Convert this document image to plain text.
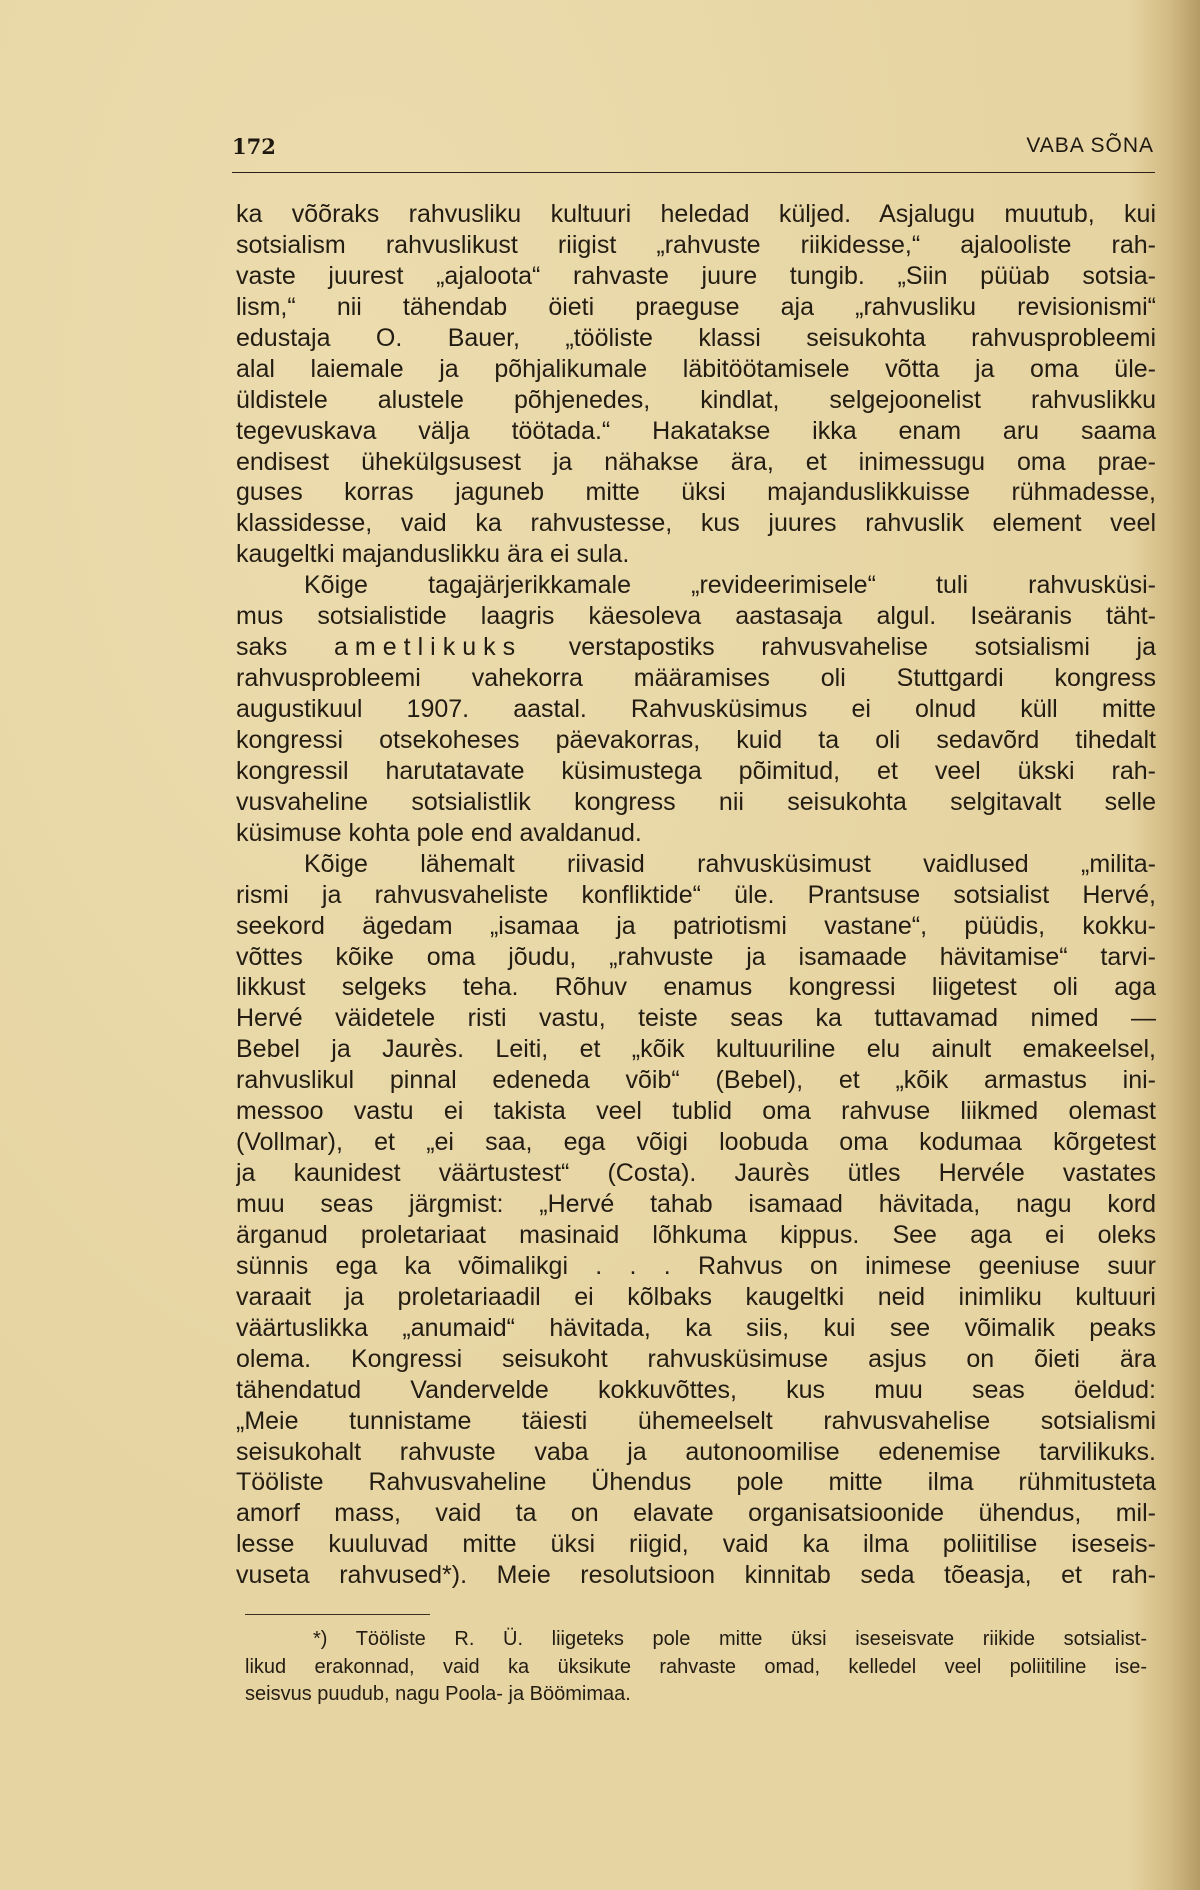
172	VABA SÕNA
ka võõraks rahvusliku kultuuri heledad küljed. Asjalugu muutub, kui
sotsialism rahvuslikust riigist „rahvuste riikidesse,“ ajalooliste rah-
vaste juurest „ajaloota“ rahvaste juure tungib. „Siin püüab sotsia-
lism,“ nii tähendab öieti praeguse aja „rahvusliku revisionismi“
edustaja O. Bauer, „tööliste klassi seisukohta rahvusprobleemi
alal laiemale ja põhjalikumale läbitöötamisele võtta ja oma üle-
üldistele alustele põhjenedes, kindlat, selgejoonelist rahvuslikku
tegevuskava välja töötada.“ Hakatakse ikka enam aru saama
endisest ühekülgsusest ja nähakse ära, et inimessugu oma prae-
guses korras jaguneb mitte üksi majanduslikkuisse rühmadesse,
klassidesse, vaid ka rahvustesse, kus juures rahvuslik element veel
kaugeltki majanduslikku ära ei sula.
Kõige tagajärjerikkamale „revideerimisele“ tuli rahvusküsi-
mus sotsialistide laagris käesoleva aastasaja algul. Iseäranis täht-
saks ametlikuks verstapostiks rahvusvahelise sotsialismi ja
rahvusprobleemi vahekorra määramises oli Stuttgardi kongress
augustikuul 1907. aastal. Rahvusküsimus ei olnud küll mitte
kongressi otsekoheses päevakorras, kuid ta oli sedavõrd tihedalt
kongressil harutatavate küsimustega põimitud, et veel ükski rah-
vusvaheline sotsialistlik kongress nii seisukohta selgitavalt selle
küsimuse kohta pole end avaldanud.
Kõige lähemalt riivasid rahvusküsimust vaidlused „milita-
rismi ja rahvusvaheliste konfliktide“ üle. Prantsuse sotsialist Hervé,
seekord ägedam „isamaa ja patriotismi vastane“, püüdis, kokku-
võttes kõike oma jõudu, „rahvuste ja isamaade hävitamise“ tarvi-
likkust selgeks teha. Rõhuv enamus kongressi liigetest oli aga
Hervé väidetele risti vastu, teiste seas ka tuttavamad nimed —
Bebel ja Jaurès. Leiti, et „kõik kultuuriline elu ainult emakeelsel,
rahvuslikul pinnal edeneda võib“ (Bebel), et „kõik armastus ini-
messoo vastu ei takista veel tublid oma rahvuse liikmed olemast
(Vollmar), et „ei saa, ega võigi loobuda oma kodumaa kõrgetest
ja kaunidest väärtustest“ (Costa). Jaurès ütles Hervéle vastates
muu seas järgmist: „Hervé tahab isamaad hävitada, nagu kord
ärganud proletariaat masinaid lõhkuma kippus. See aga ei oleks
sünnis ega ka võimalikgi . . . Rahvus on inimese geeniuse suur
varaait ja proletariaadil ei kõlbaks kaugeltki neid inimliku kultuuri
väärtuslikka „anumaid“ hävitada, ka siis, kui see võimalik peaks
olema. Kongressi seisukoht rahvusküsimuse asjus on õieti ära
tähendatud Vandervelde kokkuvõttes, kus muu seas öeldud:
„Meie tunnistame täiesti ühemeelselt rahvusvahelise sotsialismi
seisukohalt rahvuste vaba ja autonoomilise edenemise tarvilikuks.
Tööliste Rahvusvaheline Ühendus pole mitte ilma rühmitusteta
amorf mass, vaid ta on elavate organisatsioonide ühendus, mil-
lesse kuuluvad mitte üksi riigid, vaid ka ilma poliitilise iseseis-
vuseta rahvused*). Meie resolutsioon kinnitab seda tõeasja, et rah-
*) Tööliste R. Ü. liigeteks pole mitte üksi iseseisvate riikide sotsialist-
likud erakonnad, vaid ka üksikute rahvaste omad, kelledel veel poliitiline ise-
seisvus puudub, nagu Poola- ja Böömimaa.
